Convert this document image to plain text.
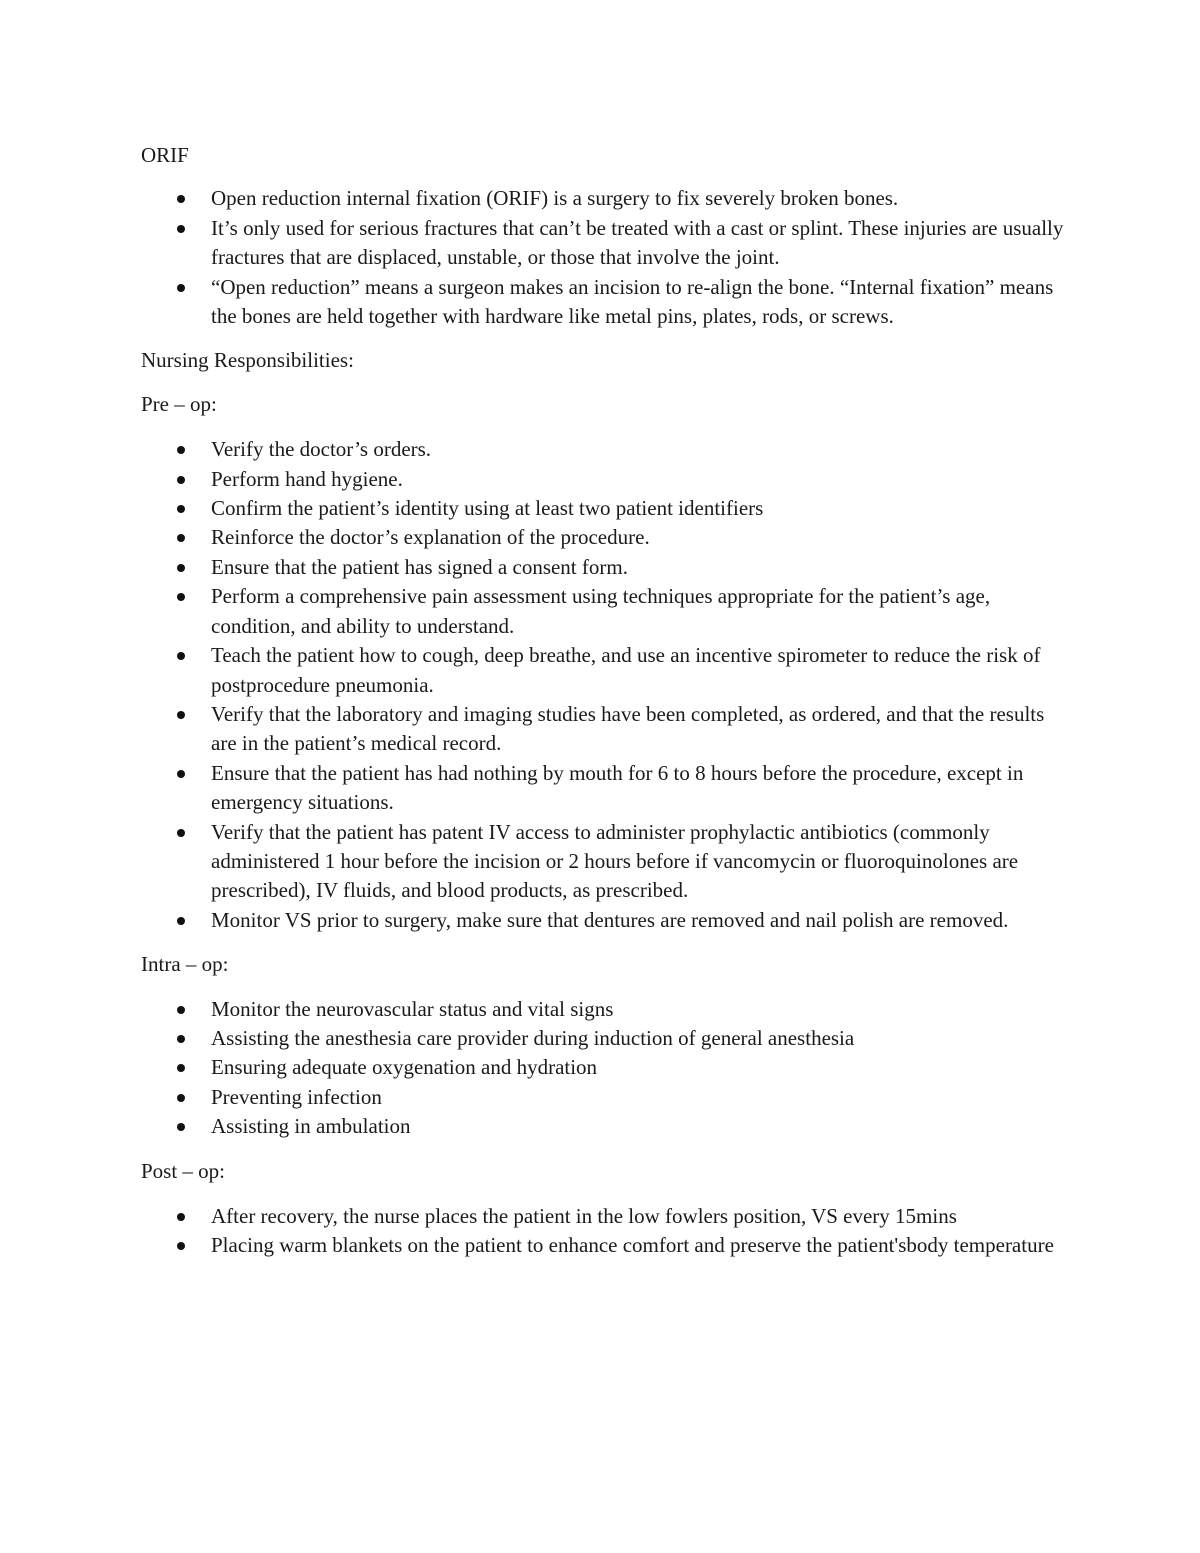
ORIF

Open reduction internal fixation (ORIF) is a surgery to fix severely broken bones.
It’s only used for serious fractures that can’t be treated with a cast or splint. These injuries are usually fractures that are displaced, unstable, or those that involve the joint.
“Open reduction” means a surgeon makes an incision to re-align the bone. “Internal fixation” means the bones are held together with hardware like metal pins, plates, rods, or screws.

Nursing Responsibilities:

Pre – op:

Verify the doctor’s orders.
Perform hand hygiene.
Confirm the patient’s identity using at least two patient identifiers
Reinforce the doctor’s explanation of the procedure.
Ensure that the patient has signed a consent form.
Perform a comprehensive pain assessment using techniques appropriate for the patient’s age, condition, and ability to understand.
Teach the patient how to cough, deep breathe, and use an incentive spirometer to reduce the risk of postprocedure pneumonia.
Verify that the laboratory and imaging studies have been completed, as ordered, and that the results are in the patient’s medical record.
Ensure that the patient has had nothing by mouth for 6 to 8 hours before the procedure, except in emergency situations.
Verify that the patient has patent IV access to administer prophylactic antibiotics (commonly administered 1 hour before the incision or 2 hours before if vancomycin or fluoroquinolones are prescribed), IV fluids, and blood products, as prescribed.
Monitor VS prior to surgery, make sure that dentures are removed and nail polish are removed.

Intra – op:

Monitor the neurovascular status and vital signs
Assisting the anesthesia care provider during induction of general anesthesia
Ensuring adequate oxygenation and hydration
Preventing infection
Assisting in ambulation

Post – op:

After recovery, the nurse places the patient in the low fowlers position, VS every 15mins
Placing warm blankets on the patient to enhance comfort and preserve the patient'sbody temperature
